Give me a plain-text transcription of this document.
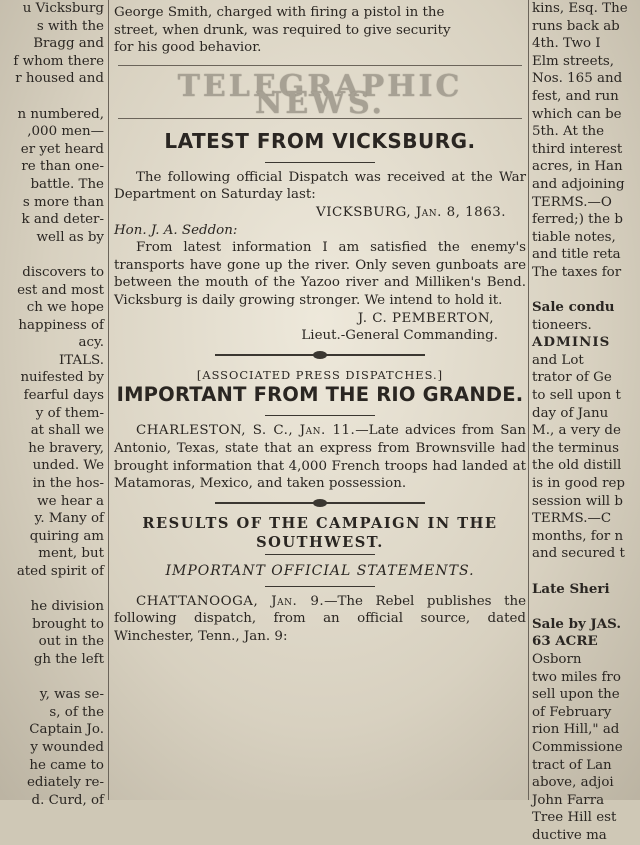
u Vicksburg
s with the
Bragg and
f whom there
r housed and
n numbered,
,000 men—
er yet heard
re than one-
battle. The
s more than
k and deter-
well as by
discovers to
est and most
ch we hope
happiness of
acy.
ITALS.
nuifested by
fearful days
y of them-
at shall we
he bravery,
unded. We
in the hos-
we hear a
y. Many of
quiring am
ment, but
ated spirit of
he division
brought to
out in the
gh the left
y, was se-
s, of the
Captain Jo.
y wounded
he came to
ediately re-
d. Curd, of
George Smith, charged with firing a pistol in the
street, when drunk, was required to give security
for his good behavior.
TELEGRAPHIC NEWS.
LATEST FROM VICKSBURG.

The following official Dispatch was received at the War Department on Saturday last:

VICKSBURG, Jan. 8, 1863.
Hon. J. A. Seddon:

From latest information I am satisfied the enemy's transports have gone up the river. Only seven gunboats are between the mouth of the Yazoo river and Milliken's Bend. Vicksburg is daily growing stronger. We intend to hold it.

J. C. PEMBERTON,
Lieut.-General Commanding.
[ASSOCIATED PRESS DISPATCHES.]
IMPORTANT FROM THE RIO GRANDE.

CHARLESTON, S. C., Jan. 11.—Late advices from San Antonio, Texas, state that an express from Brownsville had brought information that 4,000 French troops had landed at Matamoras, Mexico, and taken possession.

RESULTS OF THE CAMPAIGN IN THE
SOUTHWEST.
IMPORTANT OFFICIAL STATEMENTS.

CHATTANOOGA, Jan. 9.—The Rebel publishes the following dispatch, from an official source, dated Winchester, Tenn., Jan. 9:

kins, Esq. The
runs back ab
4th. Two I
Elm streets,
Nos. 165 and
fest, and run
which can be
5th. At the
third interest
acres, in Han
and adjoining
TERMS.—O
ferred;) the b
tiable notes,
and title reta
The taxes for
Sale condu
tioneers.
ADMINIS
and Lot
trator of Ge
to sell upon t
day of Janu
M., a very de
the terminus
the old distill
is in good rep
session will b
TERMS.—C
months, for n
and secured t
Late Sheri
Sale by JAS.
63 ACRE
Osborn
two miles fro
sell upon the
of February
rion Hill," ad
Commissione
tract of Lan
above, adjoi
John Farra
Tree Hill est
ductive ma
